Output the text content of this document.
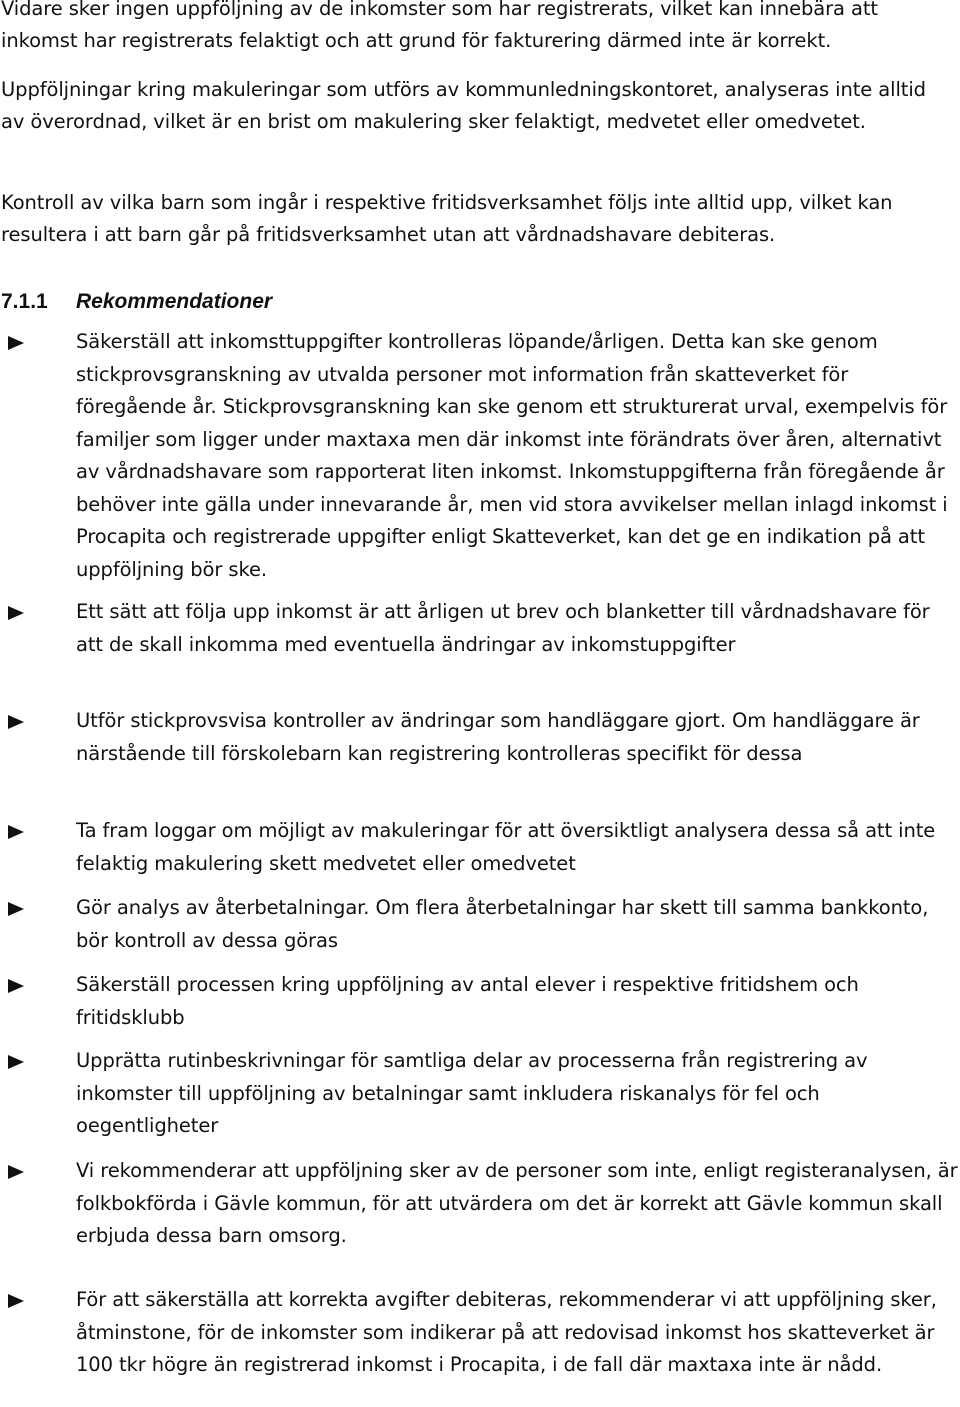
Vidare sker ingen uppföljning av de inkomster som har registrerats, vilket kan innebära att inkomst har registrerats felaktigt och att grund för fakturering därmed inte är korrekt.

Uppföljningar kring makuleringar som utförs av kommunledningskontoret, analyseras inte alltid av överordnad, vilket är en brist om makulering sker felaktigt, medvetet eller omedvetet.

Kontroll av vilka barn som ingår i respektive fritidsverksamhet följs inte alltid upp, vilket kan resultera i att barn går på fritidsverksamhet utan att vårdnadshavare debiteras.

7.1.1 Rekommendationer

Säkerställ att inkomsttuppgifter kontrolleras löpande/årligen. Detta kan ske genom stickprovsgranskning av utvalda personer mot information från skatteverket för föregående år. Stickprovsgranskning kan ske genom ett strukturerat urval, exempelvis för familjer som ligger under maxtaxa men där inkomst inte förändrats över åren, alternativt av vårdnadshavare som rapporterat liten inkomst. Inkomstuppgifterna från föregående år behöver inte gälla under innevarande år, men vid stora avvikelser mellan inlagd inkomst i Procapita och registrerade uppgifter enligt Skatteverket, kan det ge en indikation på att uppföljning bör ske.

Ett sätt att följa upp inkomst är att årligen ut brev och blanketter till vårdnadshavare för att de skall inkomma med eventuella ändringar av inkomstuppgifter

Utför stickprovsvisa kontroller av ändringar som handläggare gjort. Om handläggare är närstående till förskolebarn kan registrering kontrolleras specifikt för dessa

Ta fram loggar om möjligt av makuleringar för att översiktligt analysera dessa så att inte felaktig makulering skett medvetet eller omedvetet

Gör analys av återbetalningar. Om flera återbetalningar har skett till samma bankkonto, bör kontroll av dessa göras

Säkerställ processen kring uppföljning av antal elever i respektive fritidshem och fritidsklubb

Upprätta rutinbeskrivningar för samtliga delar av processerna från registrering av inkomster till uppföljning av betalningar samt inkludera riskanalys för fel och oegentligheter

Vi rekommenderar att uppföljning sker av de personer som inte, enligt registeranalysen, är folkbokförda i Gävle kommun, för att utvärdera om det är korrekt att Gävle kommun skall erbjuda dessa barn omsorg.

För att säkerställa att korrekta avgifter debiteras, rekommenderar vi att uppföljning sker, åtminstone, för de inkomster som indikerar på att redovisad inkomst hos skatteverket är 100 tkr högre än registrerad inkomst i Procapita, i de fall där maxtaxa inte är nådd.
